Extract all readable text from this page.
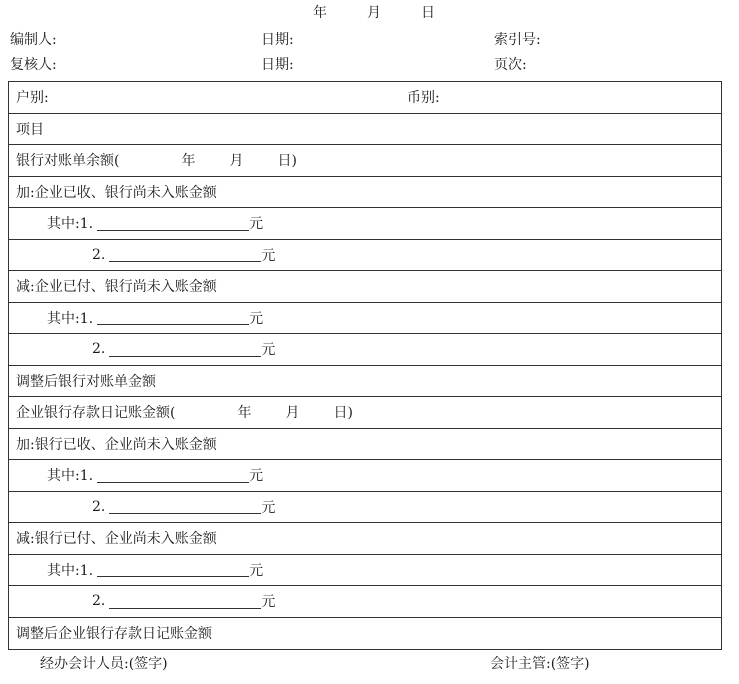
年	月	日
编制人:	日期:	索引号:
复核人:	日期:	页次:
户别:	币别:
项目
银行对账单余额(	年 月 日)
加:企业已收、银行尚未入账金额
其中:1.	元
2.	元
减:企业已付、银行尚未入账金额
其中:1.	元
2.	元
调整后银行对账单金额
企业银行存款日记账金额(	年 月 日)
加:银行已收、企业尚未入账金额
其中:1.	元
2.	元
减:银行已付、企业尚未入账金额
其中:1.	元
2.	元
调整后企业银行存款日记账金额
经办会计人员:(签字)	会计主管:(签字)
